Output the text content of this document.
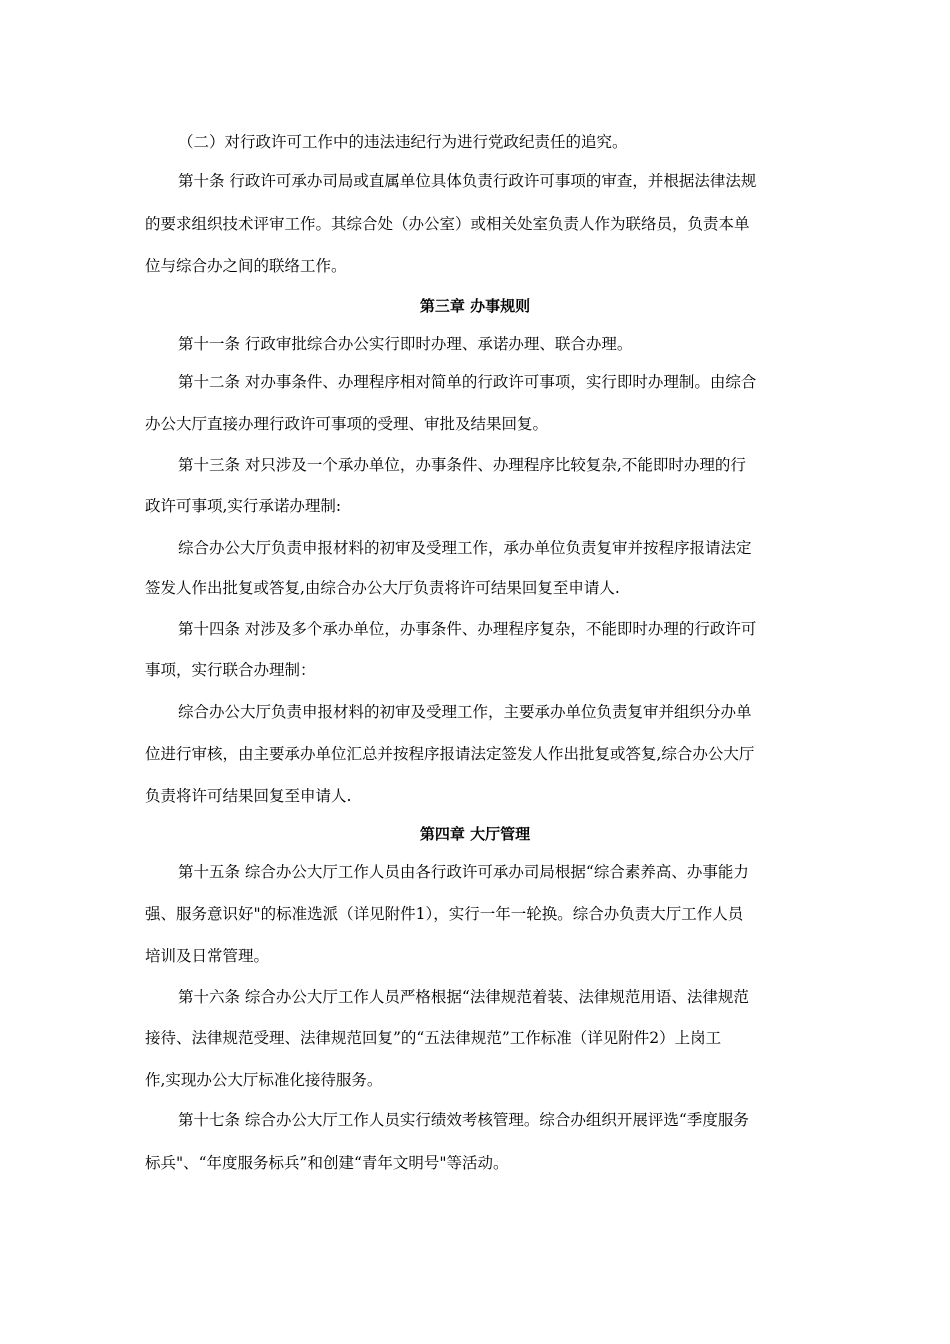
（二）对行政许可工作中的违法违纪行为进行党政纪责任的追究。
第十条 行政许可承办司局或直属单位具体负责行政许可事项的审查，并根据法律法规
的要求组织技术评审工作。其综合处（办公室）或相关处室负责人作为联络员，负责本单
位与综合办之间的联络工作。
第三章 办事规则
第十一条 行政审批综合办公实行即时办理、承诺办理、联合办理。
第十二条 对办事条件、办理程序相对简单的行政许可事项，实行即时办理制。由综合
办公大厅直接办理行政许可事项的受理、审批及结果回复。
第十三条 对只涉及一个承办单位，办事条件、办理程序比较复杂,不能即时办理的行
政许可事项,实行承诺办理制:
综合办公大厅负责申报材料的初审及受理工作，承办单位负责复审并按程序报请法定
签发人作出批复或答复,由综合办公大厅负责将许可结果回复至申请人.
第十四条 对涉及多个承办单位，办事条件、办理程序复杂，不能即时办理的行政许可
事项，实行联合办理制：
综合办公大厅负责申报材料的初审及受理工作，主要承办单位负责复审并组织分办单
位进行审核，由主要承办单位汇总并按程序报请法定签发人作出批复或答复,综合办公大厅
负责将许可结果回复至申请人.
第四章 大厅管理
第十五条 综合办公大厅工作人员由各行政许可承办司局根据“综合素养高、办事能力
强、服务意识好"的标准选派（详见附件1），实行一年一轮换。综合办负责大厅工作人员
培训及日常管理。
第十六条 综合办公大厅工作人员严格根据“法律规范着装、法律规范用语、法律规范
接待、法律规范受理、法律规范回复”的“五法律规范”工作标准（详见附件2）上岗工
作,实现办公大厅标准化接待服务。
第十七条 综合办公大厅工作人员实行绩效考核管理。综合办组织开展评选“季度服务
标兵"、“年度服务标兵”和创建“青年文明号"等活动。
